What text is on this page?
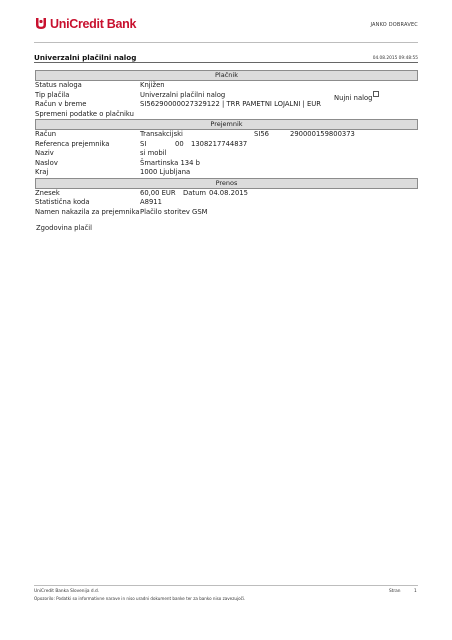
UniCredit Bank	JANKO DOBRAVEC
Univerzalni plačilni nalog	04.08.2015 09:48:55
Plačnik
Status naloga	Knjižen
Tip plačila	Univerzalni plačilni nalog	Nujni nalog
Račun v breme	SI56290000027329122 | TRR PAMETNI LOJALNI | EUR
Spremeni podatke o plačniku
Prejemnik
Račun	Transakcijski	SI56	290000159800373
Referenca prejemnika	SI	00 1308217744837
Naziv	si mobil
Naslov	Šmartinska 134 b
Kraj	1000 Ljubljana
Prenos
Znesek	60,00 EUR Datum 04.08.2015
Statistična koda	A8911
Namen nakazila za prejemnika Plačilo storitev GSM
Zgodovina plačil
UniCredit Banka Slovenija d.d.	Stran	1
Opozorilo: Podatki so informativne narave in niso uradni dokument banke ter za banko niso zavezujoči.
